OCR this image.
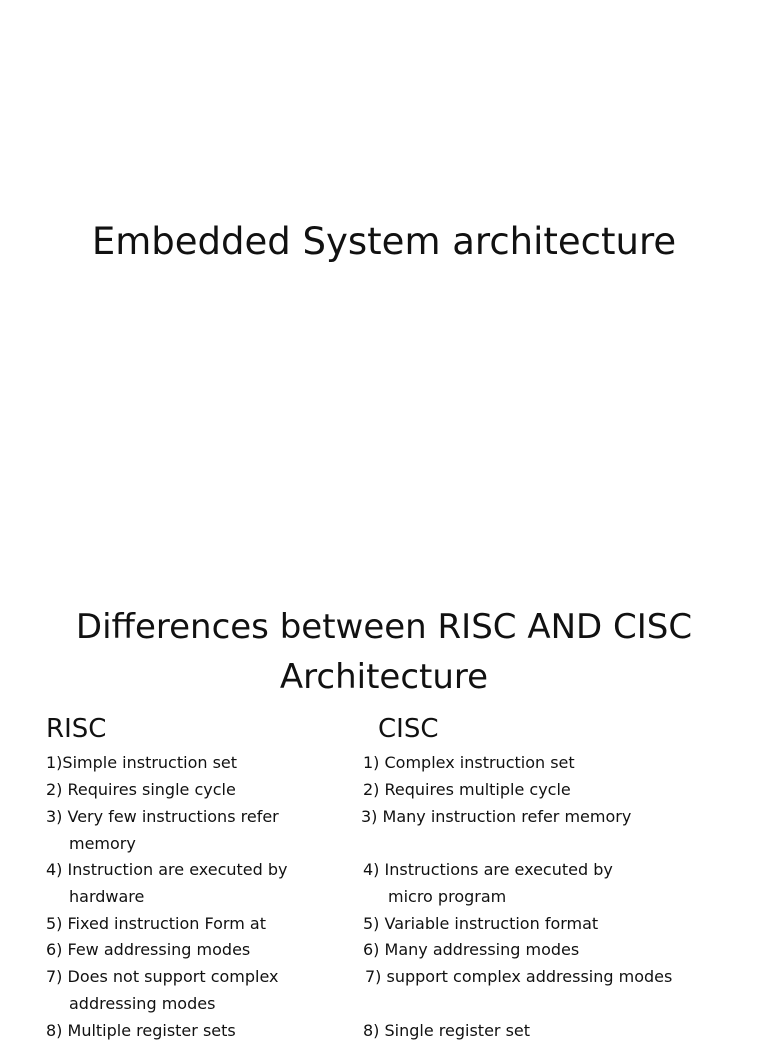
Embedded System architecture
Differences between RISC AND CISC
Architecture
RISC	CISC
1)Simple instruction set
2) Requires single cycle
3) Very few instructions refer
memory
4) Instruction are executed by
hardware
5) Fixed instruction Form at
6) Few addressing modes
7) Does not support complex
addressing modes
8) Multiple register sets
1) Complex instruction set
2) Requires multiple cycle
3) Many instruction refer memory
4) Instructions are executed by
micro program
5) Variable instruction format
6) Many addressing modes
7) support complex addressing modes
8) Single register set
